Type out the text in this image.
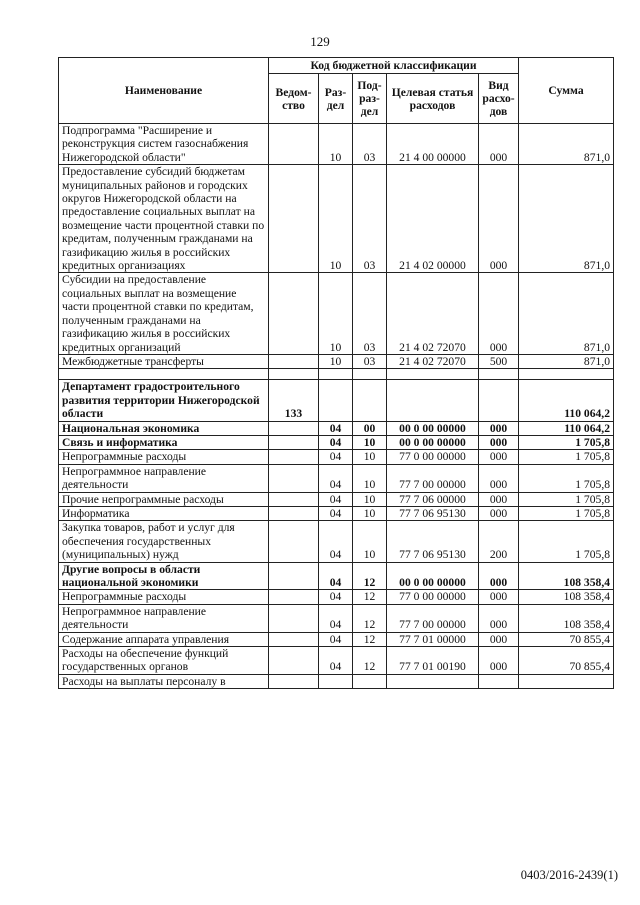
129
Наименование	Код бюджетной классификации					Сумма
	Ведом-ство	Раз-дел	Под-раз-дел	Целевая статья расходов	Вид расхо-дов	
Подпрограмма "Расширение и реконструкция систем газоснабжения Нижегородской области"		10	03	21 4 00 00000	000	871,0
Предоставление субсидий бюджетам муниципальных районов и городских округов Нижегородской области на предоставление социальных выплат на возмещение части процентной ставки по кредитам, полученным гражданами на газификацию жилья в российских кредитных организациях		10	03	21 4 02 00000	000	871,0
Субсидии на предоставление социальных выплат на возмещение части процентной ставки по кредитам, полученным гражданами на газификацию жилья в российских кредитных организаций		10	03	21 4 02 72070	000	871,0
Межбюджетные трансферты		10	03	21 4 02 72070	500	871,0

Департамент градостроительного развития территории Нижегородской области	133					110 064,2
Национальная экономика		04	00	00 0 00 00000	000	110 064,2
Связь и информатика		04	10	00 0 00 00000	000	1 705,8
Непрограммные расходы		04	10	77 0 00 00000	000	1 705,8
Непрограммное направление деятельности		04	10	77 7 00 00000	000	1 705,8
Прочие непрограммные расходы		04	10	77 7 06 00000	000	1 705,8
Информатика		04	10	77 7 06 95130	000	1 705,8
Закупка товаров, работ и услуг для обеспечения государственных (муниципальных) нужд		04	10	77 7 06 95130	200	1 705,8
Другие вопросы в области национальной экономики		04	12	00 0 00 00000	000	108 358,4
Непрограммные расходы		04	12	77 0 00 00000	000	108 358,4
Непрограммное направление деятельности		04	12	77 7 00 00000	000	108 358,4
Содержание аппарата управления		04	12	77 7 01 00000	000	70 855,4
Расходы на обеспечение функций государственных органов		04	12	77 7 01 00190	000	70 855,4
Расходы на выплаты персоналу в						
0403/2016-2439(1)
